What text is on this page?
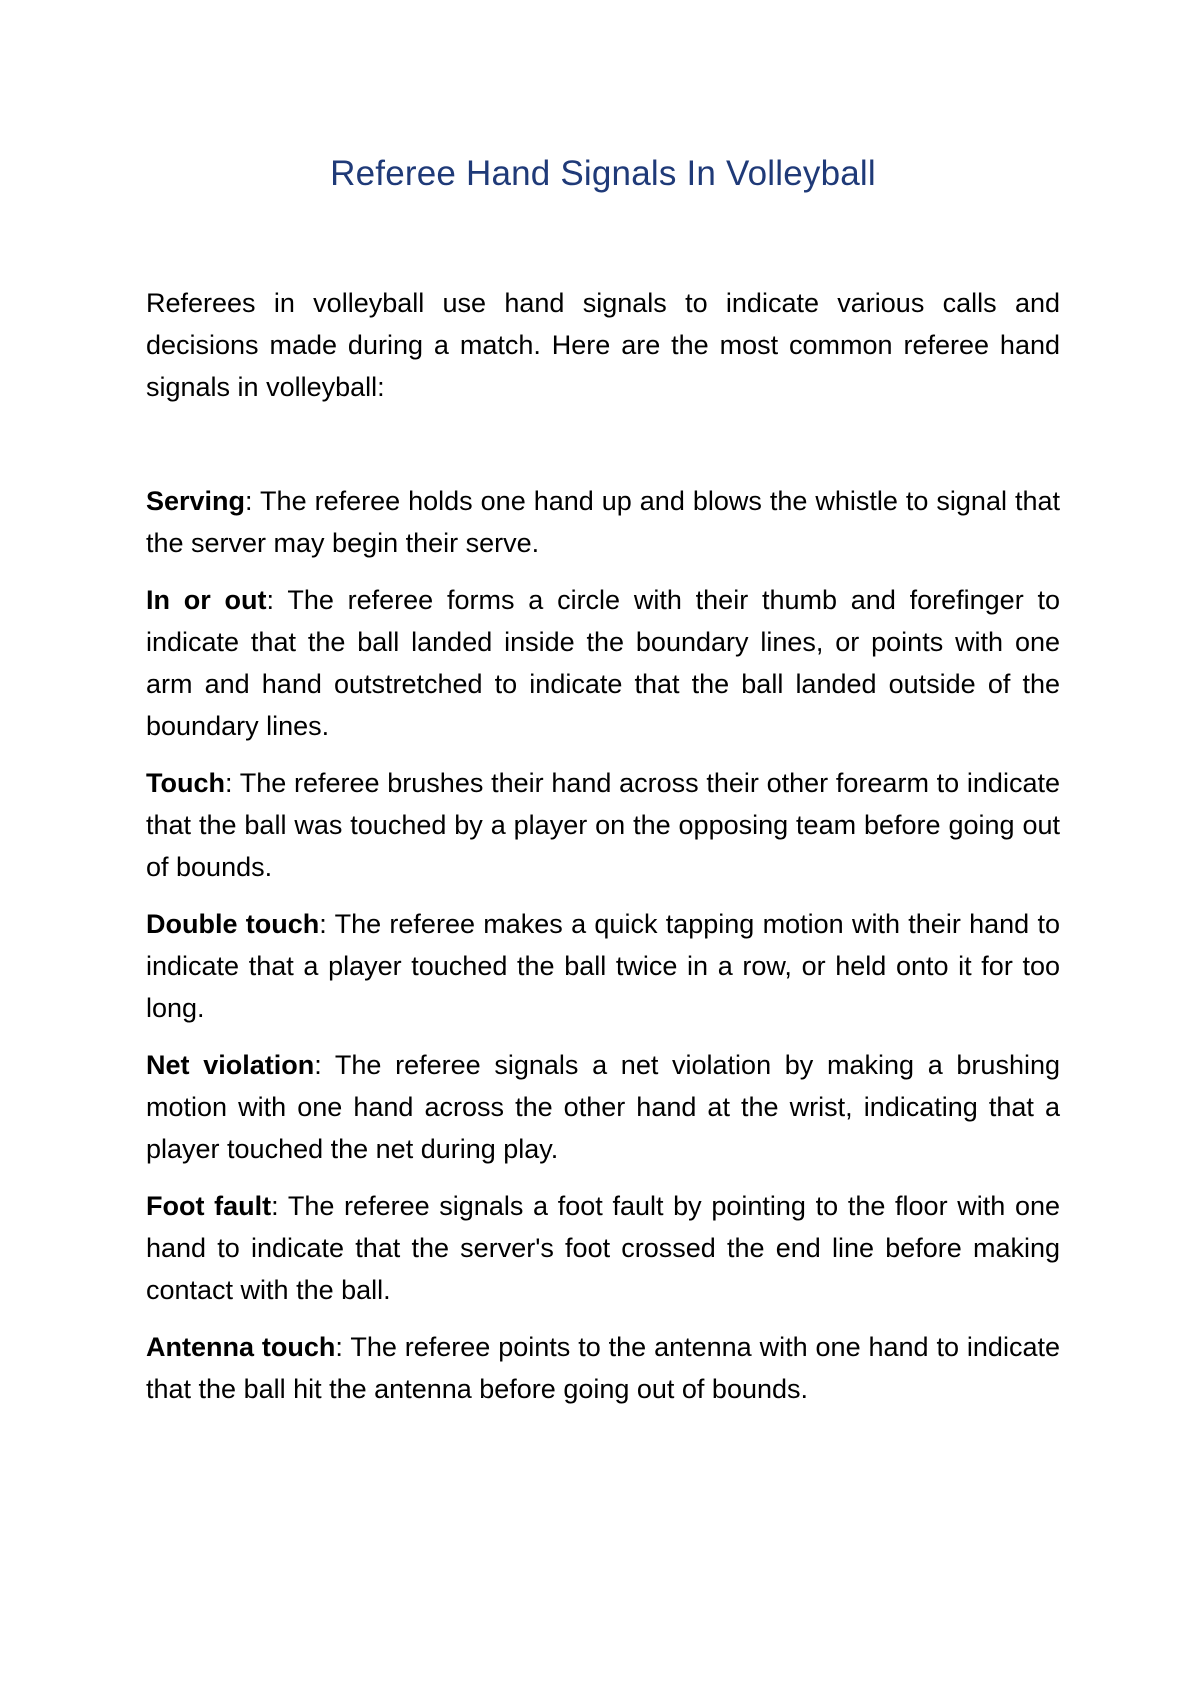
Referee Hand Signals In Volleyball

Referees in volleyball use hand signals to indicate various calls and decisions made during a match. Here are the most common referee hand signals in volleyball:

Serving: The referee holds one hand up and blows the whistle to signal that the server may begin their serve.

In or out: The referee forms a circle with their thumb and forefinger to indicate that the ball landed inside the boundary lines, or points with one arm and hand outstretched to indicate that the ball landed outside of the boundary lines.

Touch: The referee brushes their hand across their other forearm to indicate that the ball was touched by a player on the opposing team before going out of bounds.

Double touch: The referee makes a quick tapping motion with their hand to indicate that a player touched the ball twice in a row, or held onto it for too long.

Net violation: The referee signals a net violation by making a brushing motion with one hand across the other hand at the wrist, indicating that a player touched the net during play.

Foot fault: The referee signals a foot fault by pointing to the floor with one hand to indicate that the server's foot crossed the end line before making contact with the ball.

Antenna touch: The referee points to the antenna with one hand to indicate that the ball hit the antenna before going out of bounds.
